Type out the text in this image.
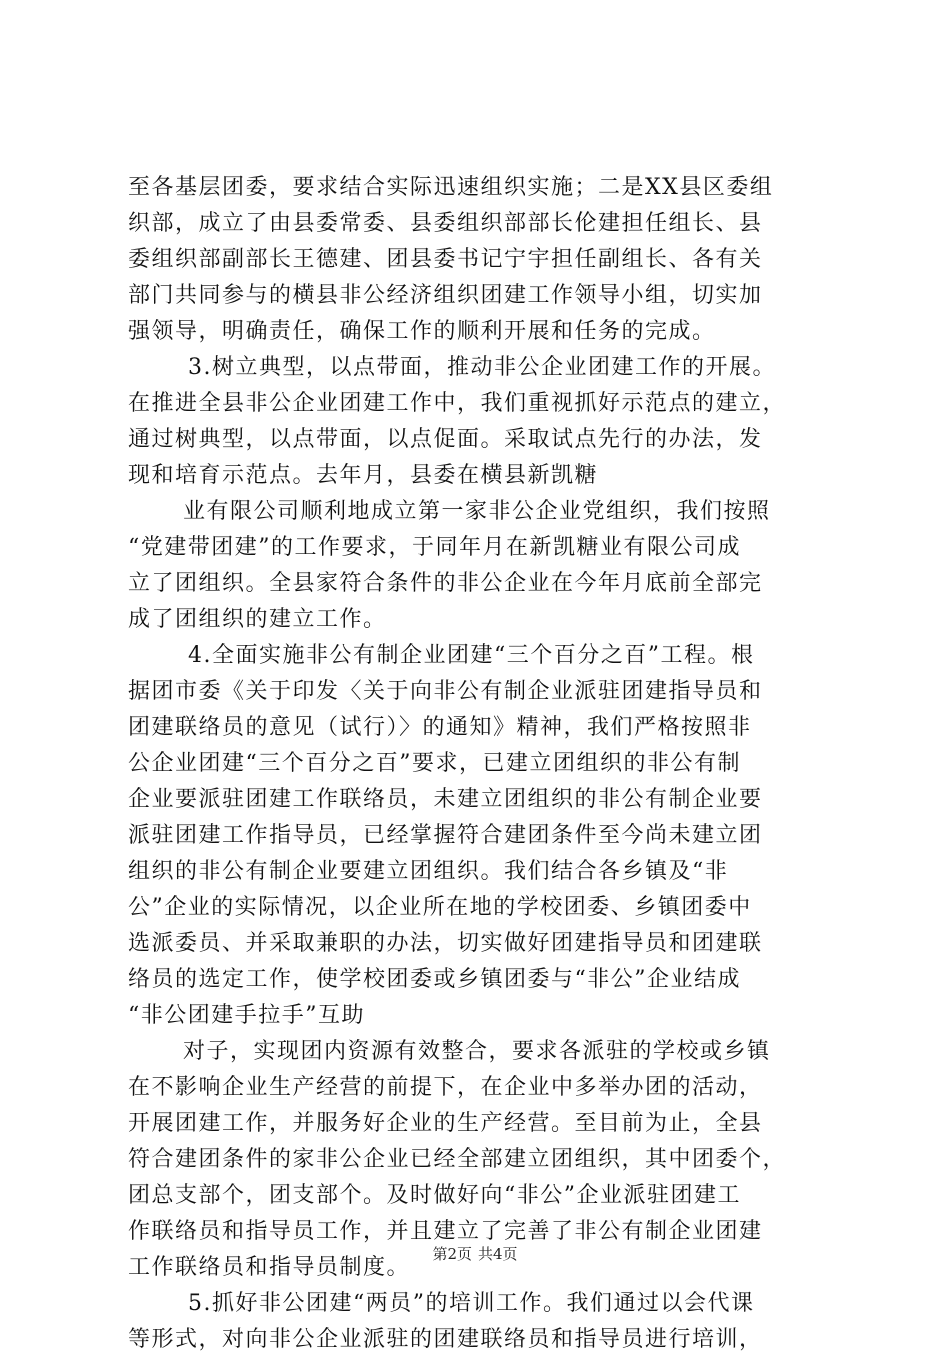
至各基层团委，要求结合实际迅速组织实施；二是XX县区委组
织部，成立了由县委常委、县委组织部部长伦建担任组长、县
委组织部副部长王德建、团县委书记宁宇担任副组长、各有关
部门共同参与的横县非公经济组织团建工作领导小组，切实加
强领导，明确责任，确保工作的顺利开展和任务的完成。
3.树立典型，以点带面，推动非公企业团建工作的开展。
在推进全县非公企业团建工作中，我们重视抓好示范点的建立，
通过树典型，以点带面，以点促面。采取试点先行的办法，发
现和培育示范点。去年月，县委在横县新凯糖
业有限公司顺利地成立第一家非公企业党组织，我们按照
“党建带团建”的工作要求，于同年月在新凯糖业有限公司成
立了团组织。全县家符合条件的非公企业在今年月底前全部完
成了团组织的建立工作。
4.全面实施非公有制企业团建“三个百分之百”工程。根
据团市委《关于印发〈关于向非公有制企业派驻团建指导员和
团建联络员的意见（试行）〉的通知》精神，我们严格按照非
公企业团建“三个百分之百”要求，已建立团组织的非公有制
企业要派驻团建工作联络员，未建立团组织的非公有制企业要
派驻团建工作指导员，已经掌握符合建团条件至今尚未建立团
组织的非公有制企业要建立团组织。我们结合各乡镇及“非
公”企业的实际情况，以企业所在地的学校团委、乡镇团委中
选派委员、并采取兼职的办法，切实做好团建指导员和团建联
络员的选定工作，使学校团委或乡镇团委与“非公”企业结成
“非公团建手拉手”互助
对子，实现团内资源有效整合，要求各派驻的学校或乡镇
在不影响企业生产经营的前提下，在企业中多举办团的活动，
开展团建工作，并服务好企业的生产经营。至目前为止，全县
符合建团条件的家非公企业已经全部建立团组织，其中团委个，
团总支部个，团支部个。及时做好向“非公”企业派驻团建工
作联络员和指导员工作，并且建立了完善了非公有制企业团建
工作联络员和指导员制度。
5.抓好非公团建“两员”的培训工作。我们通过以会代课
等形式，对向非公企业派驻的团建联络员和指导员进行培训，
第2页 共4页
